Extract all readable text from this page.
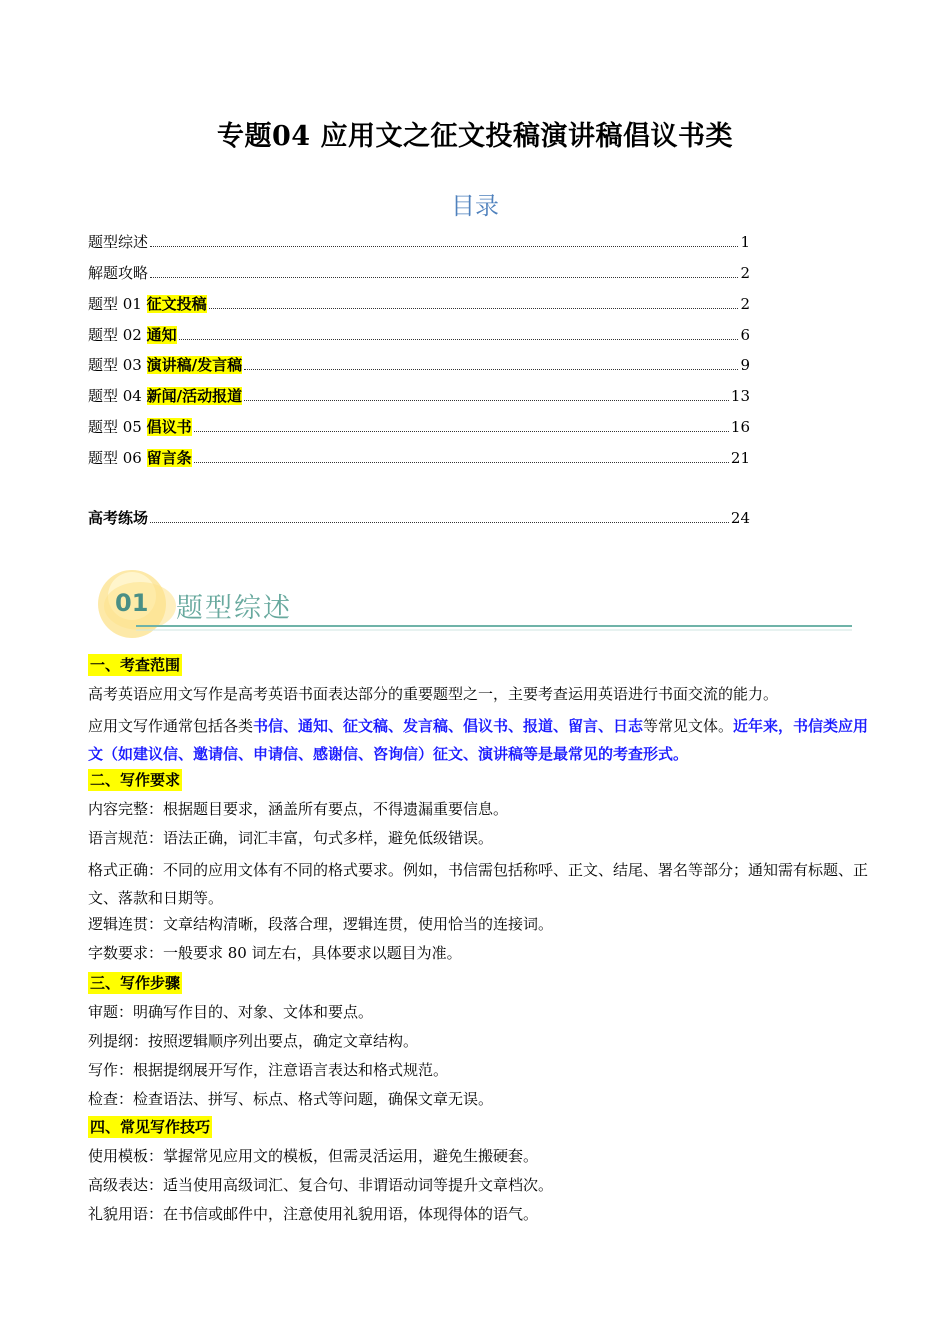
专题04 应用文之征文投稿演讲稿倡议书类
目录
题型综述	1
解题攻略	2
题型 01 征文投稿	2
题型 02 通知	6
题型 03 演讲稿/发言稿	9
题型 04 新闻/活动报道	13
题型 05 倡议书	16
题型 06 留言条	21
高考练场	24
01 题型综述
一、考查范围
高考英语应用文写作是高考英语书面表达部分的重要题型之一，主要考查运用英语进行书面交流的能力。
应用文写作通常包括各类书信、通知、征文稿、发言稿、倡议书、报道、留言、日志等常见文体。近年来，书信类应用文（如建议信、邀请信、申请信、感谢信、咨询信）征文、演讲稿等是最常见的考查形式。
二、写作要求
内容完整：根据题目要求，涵盖所有要点，不得遗漏重要信息。
语言规范：语法正确，词汇丰富，句式多样，避免低级错误。
格式正确：不同的应用文体有不同的格式要求。例如，书信需包括称呼、正文、结尾、署名等部分；通知需有标题、正文、落款和日期等。
逻辑连贯：文章结构清晰，段落合理，逻辑连贯，使用恰当的连接词。
字数要求：一般要求 80 词左右，具体要求以题目为准。
三、写作步骤
审题：明确写作目的、对象、文体和要点。
列提纲：按照逻辑顺序列出要点，确定文章结构。
写作：根据提纲展开写作，注意语言表达和格式规范。
检查：检查语法、拼写、标点、格式等问题，确保文章无误。
四、常见写作技巧
使用模板：掌握常见应用文的模板，但需灵活运用，避免生搬硬套。
高级表达：适当使用高级词汇、复合句、非谓语动词等提升文章档次。
礼貌用语：在书信或邮件中，注意使用礼貌用语，体现得体的语气。
